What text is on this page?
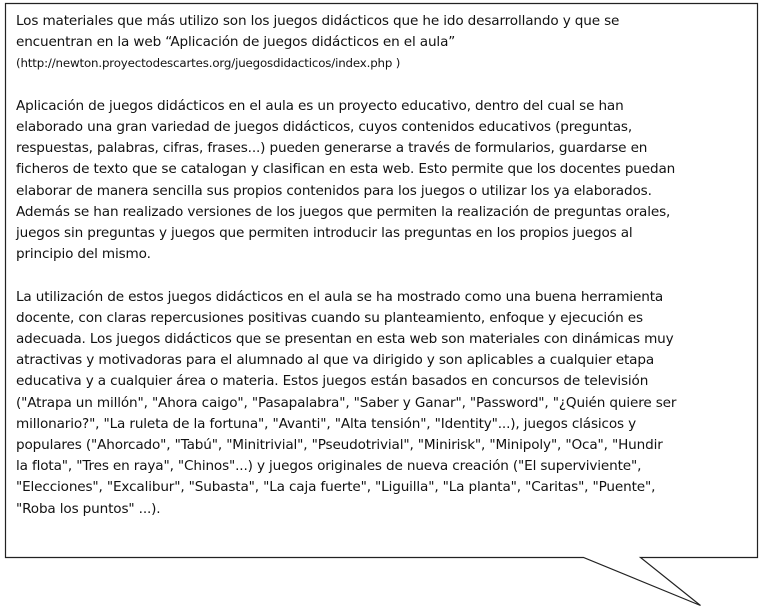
Los materiales que más utilizo son los juegos didácticos que he ido desarrollando y que se
encuentran en la web “Aplicación de juegos didácticos en el aula”
(http://newton.proyectodescartes.org/juegosdidacticos/index.php )

Aplicación de juegos didácticos en el aula es un proyecto educativo, dentro del cual se han
elaborado una gran variedad de juegos didácticos, cuyos contenidos educativos (preguntas,
respuestas, palabras, cifras, frases...) pueden generarse a través de formularios, guardarse en
ficheros de texto que se catalogan y clasifican en esta web. Esto permite que los docentes puedan
elaborar de manera sencilla sus propios contenidos para los juegos o utilizar los ya elaborados.
Además se han realizado versiones de los juegos que permiten la realización de preguntas orales,
juegos sin preguntas y juegos que permiten introducir las preguntas en los propios juegos al
principio del mismo.

La utilización de estos juegos didácticos en el aula se ha mostrado como una buena herramienta
docente, con claras repercusiones positivas cuando su planteamiento, enfoque y ejecución es
adecuada. Los juegos didácticos que se presentan en esta web son materiales con dinámicas muy
atractivas y motivadoras para el alumnado al que va dirigido y son aplicables a cualquier etapa
educativa y a cualquier área o materia. Estos juegos están basados en concursos de televisión
("Atrapa un millón", "Ahora caigo", "Pasapalabra", "Saber y Ganar", "Password", "¿Quién quiere ser
millonario?", "La ruleta de la fortuna", "Avanti", "Alta tensión", "Identity"...), juegos clásicos y
populares ("Ahorcado", "Tabú", "Minitrivial", "Pseudotrivial", "Minirisk", "Minipoly", "Oca", "Hundir
la flota", "Tres en raya", "Chinos"...) y juegos originales de nueva creación ("El superviviente",
"Elecciones", "Excalibur", "Subasta", "La caja fuerte", "Liguilla", "La planta", "Caritas", "Puente",
"Roba los puntos" ...).
